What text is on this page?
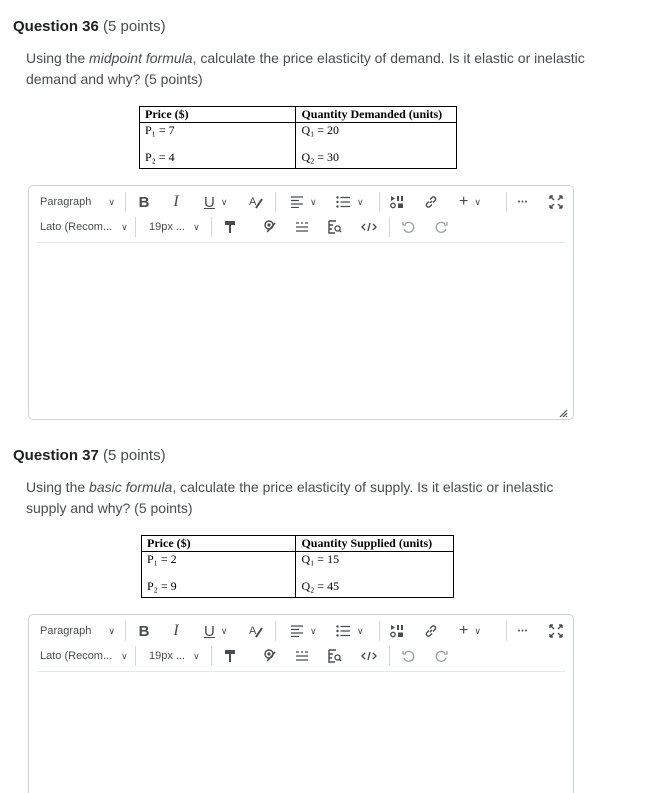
Question 36 (5 points)
Using the midpoint formula, calculate the price elasticity of demand. Is it elastic or inelastic demand and why? (5 points)
Price ($)	Quantity Demanded (units)
P₁ = 7	Q₁ = 20

P₂ = 4	Q₂ = 30
Paragraph ∨ B I U ∨ A	∨	∨	+ ∨	•••
Lato (Recom... ∨ 19px ... ∨
Question 37 (5 points)
Using the basic formula, calculate the price elasticity of supply. Is it elastic or inelastic supply and why? (5 points)
Price ($)	Quantity Supplied (units)
P₁ = 2	Q₁ = 15

P₂ = 9	Q₂ = 45
Paragraph ∨ B I U ∨ A	∨	∨	+ ∨	•••
Lato (Recom... ∨ 19px ... ∨
